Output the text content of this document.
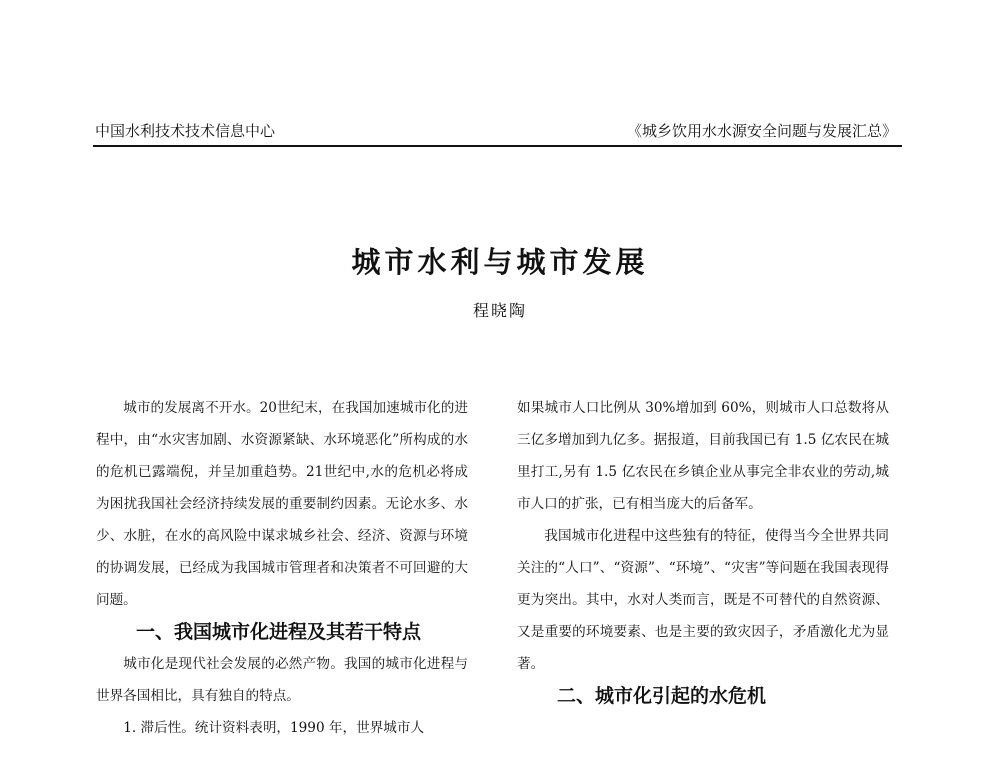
中国水利技术技术信息中心	《城乡饮用水水源安全问题与发展汇总》
城市水利与城市发展
程晓陶

城市的发展离不开水。20世纪末，在我国加速城市化的进程中，由“水灾害加剧、水资源紧缺、水环境恶化”所构成的水的危机已露端倪，并呈加重趋势。21世纪中,水的危机必将成为困扰我国社会经济持续发展的重要制约因素。无论水多、水少、水脏，在水的高风险中谋求城乡社会、经济、资源与环境的协调发展，已经成为我国城市管理者和决策者不可回避的大问题。

一、我国城市化进程及其若干特点

城市化是现代社会发展的必然产物。我国的城市化进程与世界各国相比，具有独自的特点。

1. 滞后性。统计资料表明，1990 年，世界城市人

如果城市人口比例从 30%增加到 60%，则城市人口总数将从三亿多增加到九亿多。据报道，目前我国已有 1.5 亿农民在城里打工,另有 1.5 亿农民在乡镇企业从事完全非农业的劳动,城市人口的扩张，已有相当庞大的后备军。

我国城市化进程中这些独有的特征，使得当今全世界共同关注的“人口”、“资源”、“环境”、“灾害”等问题在我国表现得更为突出。其中，水对人类而言，既是不可替代的自然资源、又是重要的环境要素、也是主要的致灾因子，矛盾激化尤为显著。

二、城市化引起的水危机
